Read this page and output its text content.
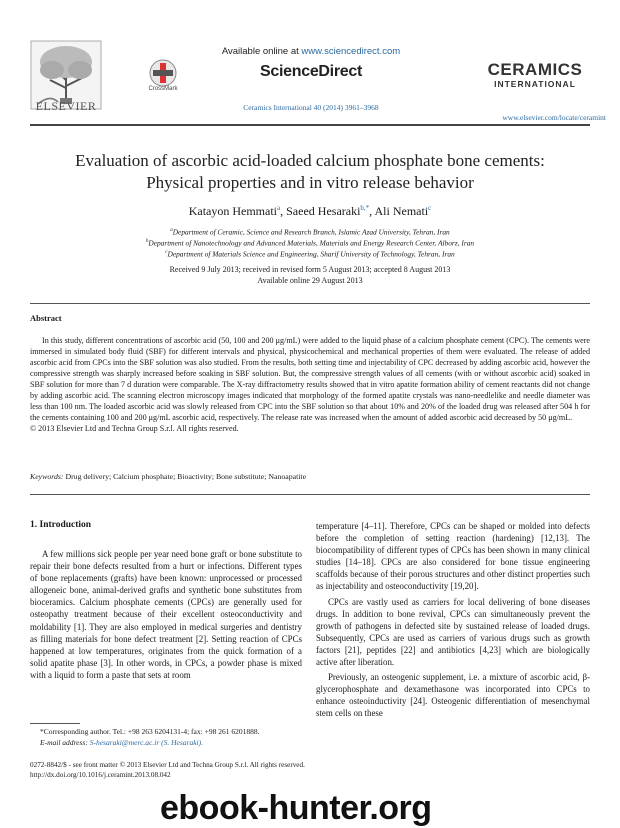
ELSEVIER
CrossMark
Available online at www.sciencedirect.com
ScienceDirect
Ceramics International 40 (2014) 3961–3968
CERAMICS
INTERNATIONAL
www.elsevier.com/locate/ceramint
Evaluation of ascorbic acid-loaded calcium phosphate bone cements:
Physical properties and in vitro release behavior
Katayon Hemmati$^a$, Saeed Hesaraki$^{b,*}$, Ali Nemati$^c$
$^a$Department of Ceramic, Science and Research Branch, Islamic Azad University, Tehran, Iran
$^b$Department of Nanotechnology and Advanced Materials, Materials and Energy Research Center, Alborz, Iran
$^c$Department of Materials Science and Engineering, Sharif University of Technology, Tehran, Iran
Received 9 July 2013; received in revised form 5 August 2013; accepted 8 August 2013
Available online 29 August 2013
Abstract
In this study, different concentrations of ascorbic acid (50, 100 and 200 μg/mL) were added to the liquid phase of a calcium phosphate cement (CPC). The cements were immersed in simulated body fluid (SBF) for different intervals and physical, physicochemical and mechanical properties of them were evaluated. The release of added ascorbic acid from CPCs into the SBF solution was also studied. From the results, both setting time and injectability of CPC decreased by adding ascorbic acid, however the compressive strength was sharply increased before soaking in SBF solution. But, the compressive strength values of all cements (with or without ascorbic acid) soaked in SBF solution for more than 7 d duration were comparable. The X-ray diffractometry results showed that in vitro apatite formation ability of cement reactants did not change by adding ascorbic acid. The scanning electron microscopy images indicated that morphology of the formed apatite crystals was nano-needlelike and needle diameter was less than 100 nm. The loaded ascorbic acid was slowly released from CPC into the SBF solution so that about 10% and 20% of the loaded drug was released after 504 h for the cements containing 100 and 200 μg/mL ascorbic acid, respectively. The release rate was increased when the amount of added ascorbic acid decreased by 50 μg/mL.
© 2013 Elsevier Ltd and Techna Group S.r.l. All rights reserved.
Keywords: Drug delivery; Calcium phosphate; Bioactivity; Bone substitute; Nanoapatite
1. Introduction

A few millions sick people per year need bone graft or bone substitute to repair their bone defects resulted from a hurt or infections. Different types of bone replacements (grafts) have been known: unprocessed or processed allogeneic bone, animal-derived grafts and synthetic bone substitutes from bioceramics. Calcium phosphate cements (CPCs) are generally used for osteopathy treatment because of their excellent osteoconductivity and moldability [1]. They are also employed in medical surgeries and dentistry as filling materials for bone defect treatment [2]. Setting reaction of CPCs happened at low temperatures, originates from the quick formation of a solid apatite phase [3]. In other words, in CPCs, a powder phase is mixed with a liquid to form a paste that sets at room

temperature [4–11]. Therefore, CPCs can be shaped or molded into defects before the completion of setting reaction (hardening) [12,13]. The biocompatibility of different types of CPCs has been shown in many clinical studies [14–18]. CPCs are also considered for bone tissue engineering scaffolds because of their porous structures and other distinct properties such as injectability and osteoconductivity [19,20].

CPCs are vastly used as carriers for local delivering of bone diseases drugs. In addition to bone revival, CPCs can simultaneously prevent the growth of pathogens in defected site by sustained release of loaded drugs. Subsequently, CPCs are used as carriers of various drugs such as growth factors [21], peptides [22] and antibiotics [4,23] which are biologically active after liberation.

Previously, an osteogenic supplement, i.e. a mixture of ascorbic acid, β-glycerophosphate and dexamethasone was incorporated into CPCs to enhance osteoinductivity [24]. Osteogenic differentiation of mesenchymal stem cells on these

*Corresponding author. Tel.: +98 263 6204131-4; fax: +98 261 6201888.
E-mail address: S-hesaraki@merc.ac.ir (S. Hesaraki).
0272-8842/$ - see front matter © 2013 Elsevier Ltd and Techna Group S.r.l. All rights reserved.
http://dx.doi.org/10.1016/j.ceramint.2013.08.042
ebook-hunter.org
